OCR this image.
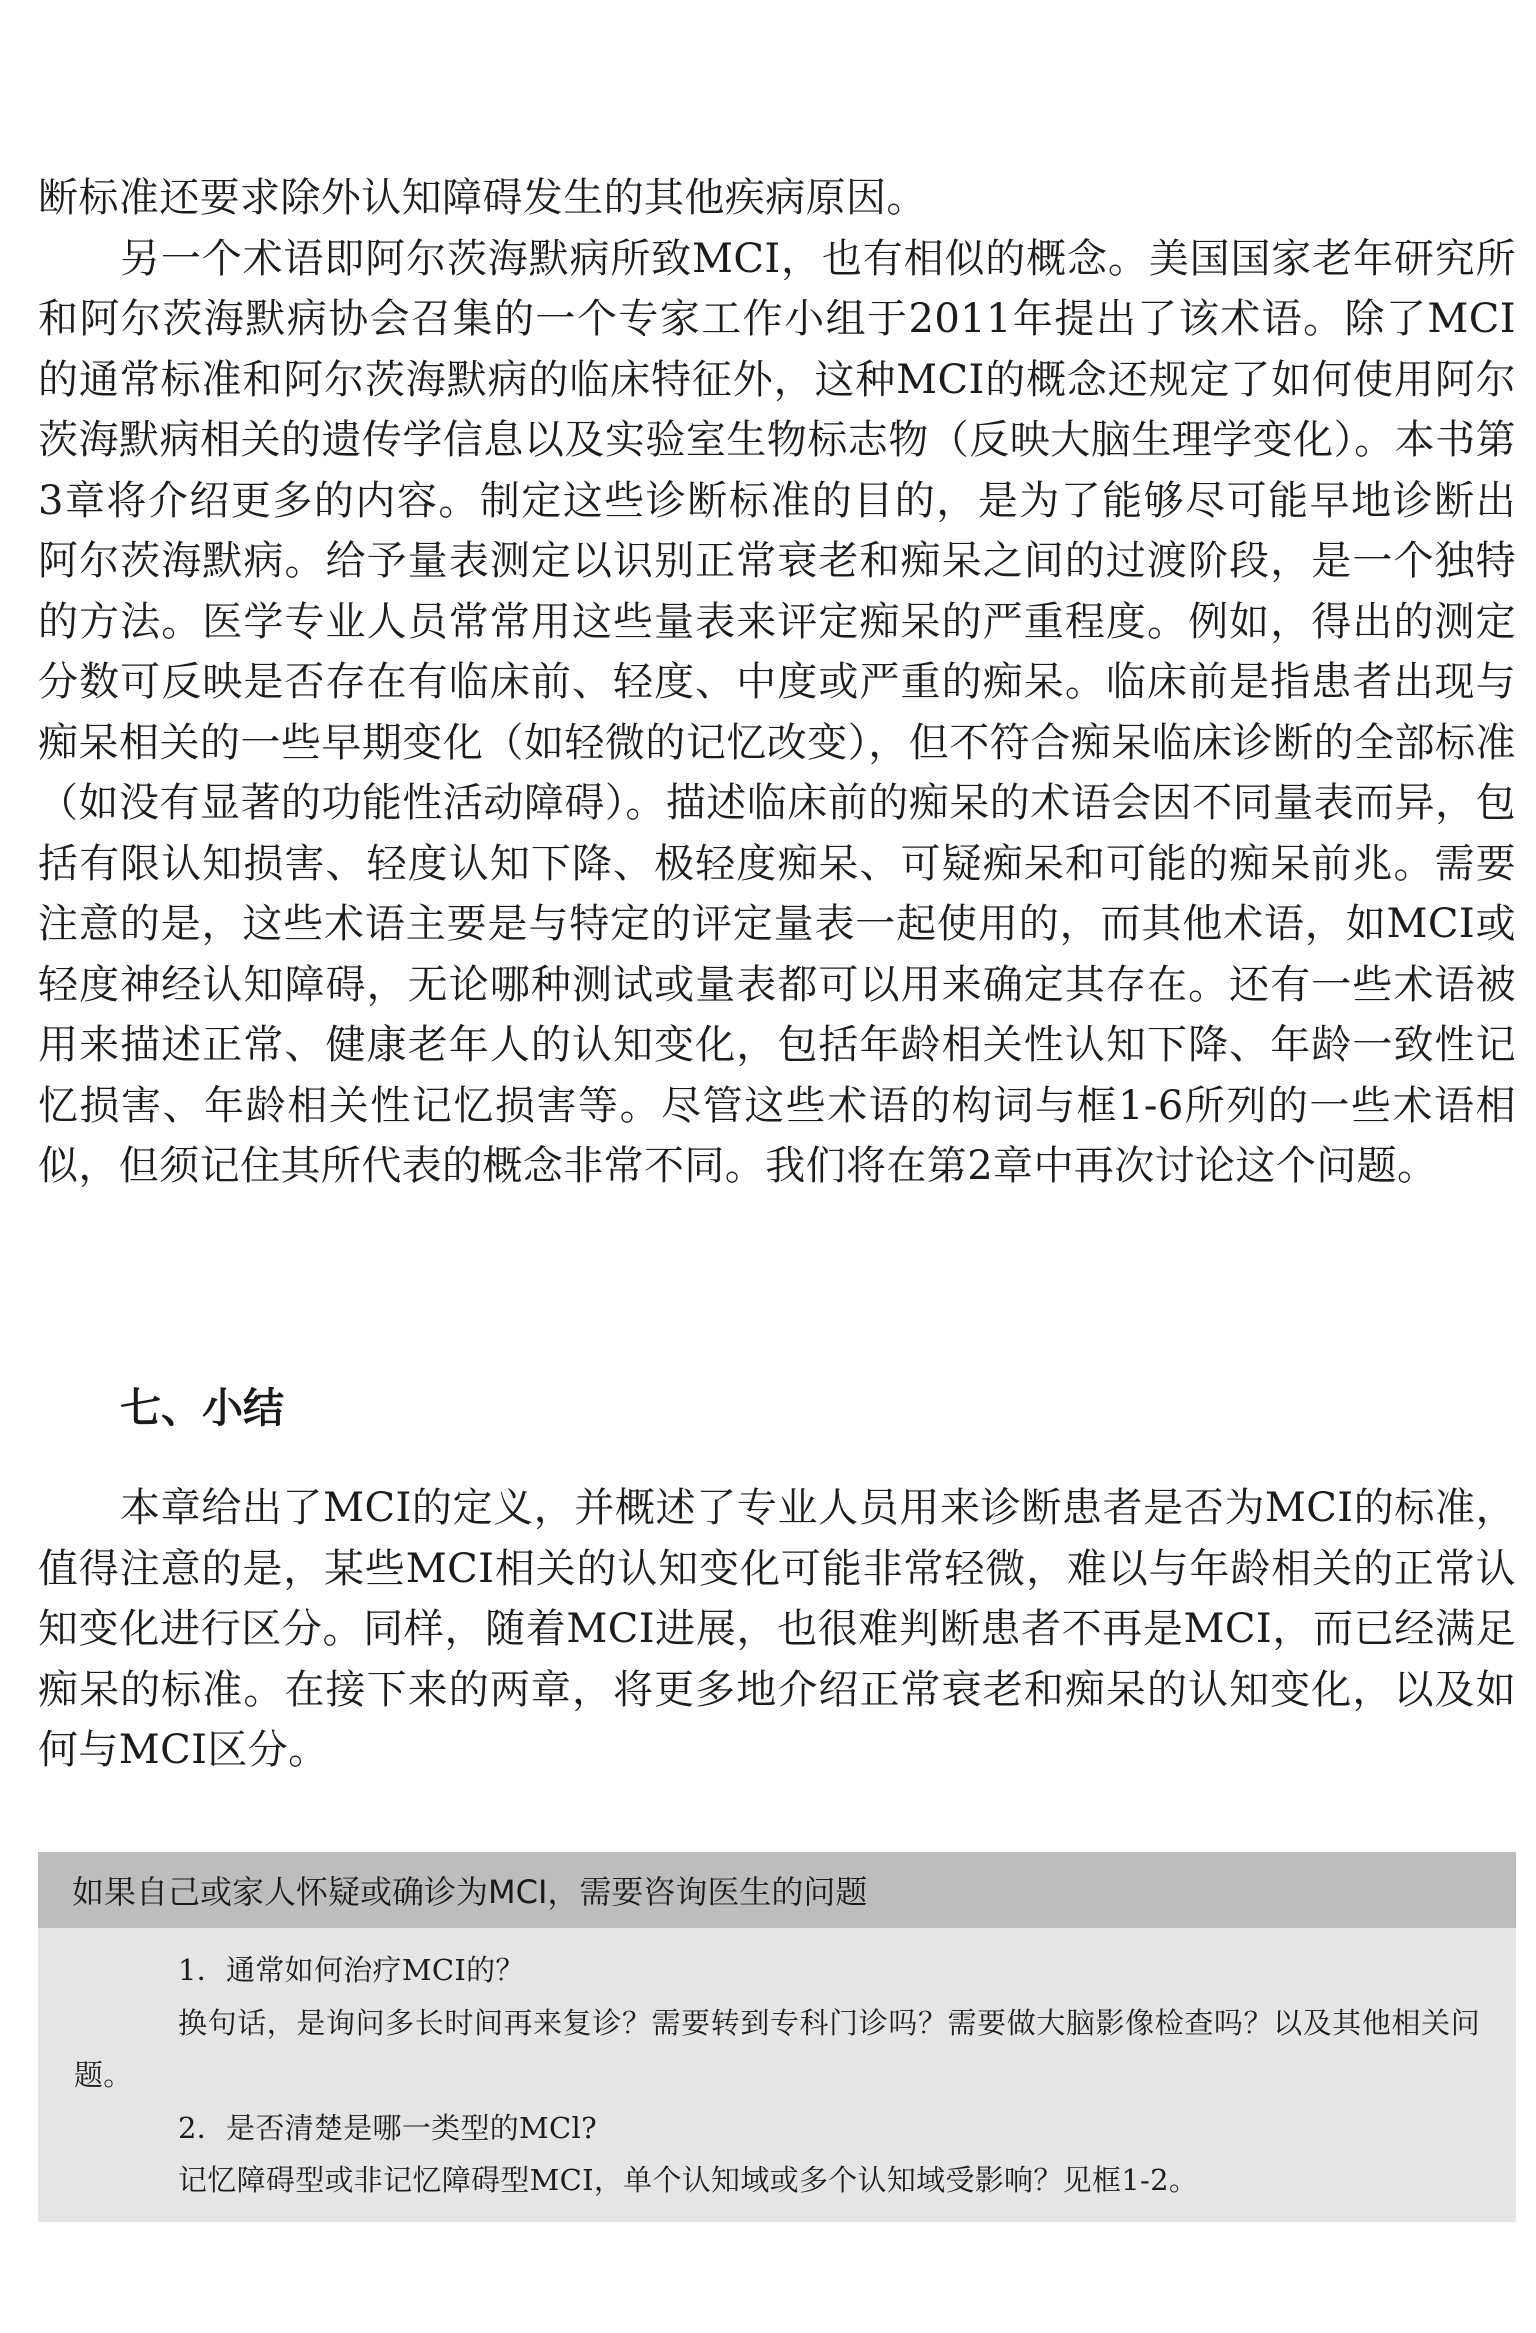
断标准还要求除外认知障碍发生的其他疾病原因。

另一个术语即阿尔茨海默病所致MCI，也有相似的概念。美国国家老年研究所和阿尔茨海默病协会召集的一个专家工作小组于2011年提出了该术语。除了MCI的通常标准和阿尔茨海默病的临床特征外，这种MCI的概念还规定了如何使用阿尔茨海默病相关的遗传学信息以及实验室生物标志物（反映大脑生理学变化）。本书第3章将介绍更多的内容。制定这些诊断标准的目的，是为了能够尽可能早地诊断出阿尔茨海默病。给予量表测定以识别正常衰老和痴呆之间的过渡阶段，是一个独特的方法。医学专业人员常常用这些量表来评定痴呆的严重程度。例如，得出的测定分数可反映是否存在有临床前、轻度、中度或严重的痴呆。临床前是指患者出现与痴呆相关的一些早期变化（如轻微的记忆改变），但不符合痴呆临床诊断的全部标准（如没有显著的功能性活动障碍）。描述临床前的痴呆的术语会因不同量表而异，包括有限认知损害、轻度认知下降、极轻度痴呆、可疑痴呆和可能的痴呆前兆。需要注意的是，这些术语主要是与特定的评定量表一起使用的，而其他术语，如MCI或轻度神经认知障碍，无论哪种测试或量表都可以用来确定其存在。还有一些术语被用来描述正常、健康老年人的认知变化，包括年龄相关性认知下降、年龄一致性记忆损害、年龄相关性记忆损害等。尽管这些术语的构词与框1-6所列的一些术语相似，但须记住其所代表的概念非常不同。我们将在第2章中再次讨论这个问题。

七、小结

本章给出了MCI的定义，并概述了专业人员用来诊断患者是否为MCI的标准，值得注意的是，某些MCI相关的认知变化可能非常轻微，难以与年龄相关的正常认知变化进行区分。同样，随着MCI进展，也很难判断患者不再是MCI，而已经满足痴呆的标准。在接下来的两章，将更多地介绍正常衰老和痴呆的认知变化，以及如何与MCI区分。

如果自己或家人怀疑或确诊为MCI，需要咨询医生的问题

1．通常如何治疗MCI的？

换句话，是询问多长时间再来复诊？需要转到专科门诊吗？需要做大脑影像检查吗？以及其他相关问题。

2．是否清楚是哪一类型的MCl?

记忆障碍型或非记忆障碍型MCI，单个认知域或多个认知域受影响？见框1-2。
